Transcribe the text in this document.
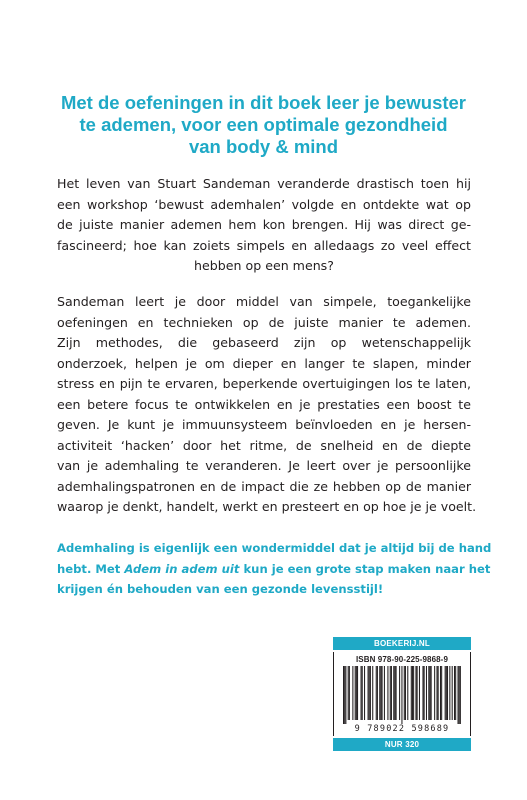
Met de oefeningen in dit boek leer je bewuster
te ademen, voor een optimale gezondheid
van body & mind
Het leven van Stuart Sandeman veranderde drastisch toen hij
een workshop ‘bewust ademhalen’ volgde en ontdekte wat op
de juiste manier ademen hem kon brengen. Hij was direct ge-
fascineerd; hoe kan zoiets simpels en alledaags zo veel effect
hebben op een mens?
Sandeman leert je door middel van simpele, toegankelijke
oefeningen en technieken op de juiste manier te ademen.
Zijn methodes, die gebaseerd zijn op wetenschappelijk
onderzoek, helpen je om dieper en langer te slapen, minder
stress en pijn te ervaren, beperkende overtuigingen los te laten,
een betere focus te ontwikkelen en je prestaties een boost te
geven. Je kunt je immuunsysteem beïnvloeden en je hersen-
activiteit ‘hacken’ door het ritme, de snelheid en de diepte
van je ademhaling te veranderen. Je leert over je persoonlijke
ademhalingspatronen en de impact die ze hebben op de manier
waarop je denkt, handelt, werkt en presteert en op hoe je je voelt.
Ademhaling is eigenlijk een wondermiddel dat je altijd bij de hand
hebt. Met Adem in adem uit kun je een grote stap maken naar het
krijgen én behouden van een gezonde levensstijl!
BOEKERIJ.NL
ISBN 978-90-225-9868-9
9 789022 598689
NUR 320
